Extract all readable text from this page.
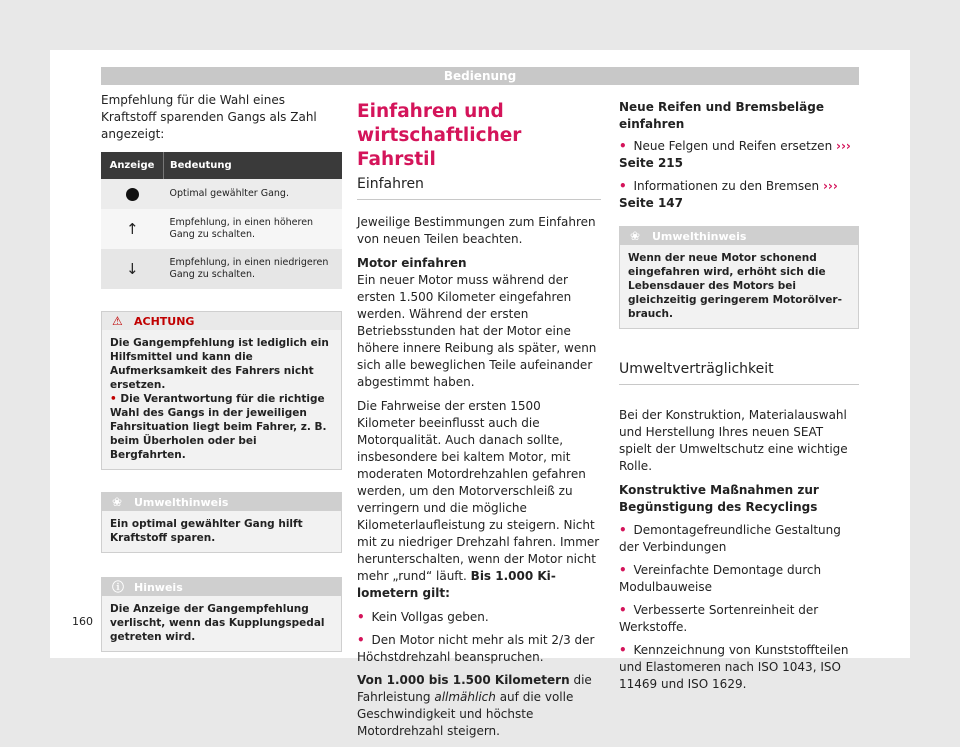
Bedienung

Empfehlung für die Wahl eines Kraftstoff sparenden Gangs als Zahl angezeigt:

Anzeige	Bedeutung
	Optimal gewählter Gang.
↑	Empfehlung, in einen höheren Gang zu schalten.
↓	Empfehlung, in einen niedrigeren Gang zu schalten.
⚠ ACHTUNG
Die Gangempfehlung ist lediglich ein Hilfsmittel und kann die Aufmerksamkeit des Fahrers nicht ersetzen.
• Die Verantwortung für die richtige Wahl des Gangs in der jeweiligen Fahrsituation liegt beim Fahrer, z. B. beim Überholen oder bei Bergfahrten.
❀ Umwelthinweis
Ein optimal gewählter Gang hilft Kraftstoff sparen.
ⓘ Hinweis
Die Anzeige der Gangempfehlung verlischt, wenn das Kupplungspedal getreten wird.
160
Einfahren und wirtschaftlicher Fahrstil
Einfahren

Jeweilige Bestimmungen zum Einfahren von neuen Teilen beachten.

Motor einfahren

Ein neuer Motor muss während der ersten 1.500 Kilometer eingefahren werden. Während der ersten Betriebsstunden hat der Motor eine höhere innere Reibung als später, wenn sich alle beweglichen Teile aufeinander abgestimmt haben.

Die Fahrweise der ersten 1500 Kilometer beeinflusst auch die Motorqualität. Auch danach sollte, insbesondere bei kaltem Motor, mit moderaten Motordrehzahlen gefahren werden, um den Motorverschleiß zu verringern und die mögliche Kilometerlaufleistung zu steigern. Nicht mit zu niedriger Drehzahl fahren. Immer herunterschalten, wenn der Motor nicht mehr „rund“ läuft. Bis 1.000 Kilometern gilt:

• Kein Vollgas geben.

• Den Motor nicht mehr als mit 2/3 der Höchstdrehzahl beanspruchen.

Von 1.000 bis 1.500 Kilometern die Fahrleistung allmählich auf die volle Geschwindigkeit und höchste Motordrehzahl steigern.

Neue Reifen und Bremsbeläge einfahren

• Neue Felgen und Reifen ersetzen ››› Seite 215

• Informationen zu den Bremsen ››› Seite 147

❀ Umwelthinweis
Wenn der neue Motor schonend eingefahren wird, erhöht sich die Lebensdauer des Motors bei gleichzeitig geringerem Motorölverbrauch.
Umweltverträglichkeit

Bei der Konstruktion, Materialauswahl und Herstellung Ihres neuen SEAT spielt der Umweltschutz eine wichtige Rolle.

Konstruktive Maßnahmen zur Begünstigung des Recyclings

• Demontagefreundliche Gestaltung der Verbindungen

• Vereinfachte Demontage durch Modulbauweise

• Verbesserte Sortenreinheit der Werkstoffe.

• Kennzeichnung von Kunststoffteilen und Elastomeren nach ISO 1043, ISO 11469 und ISO 1629.
